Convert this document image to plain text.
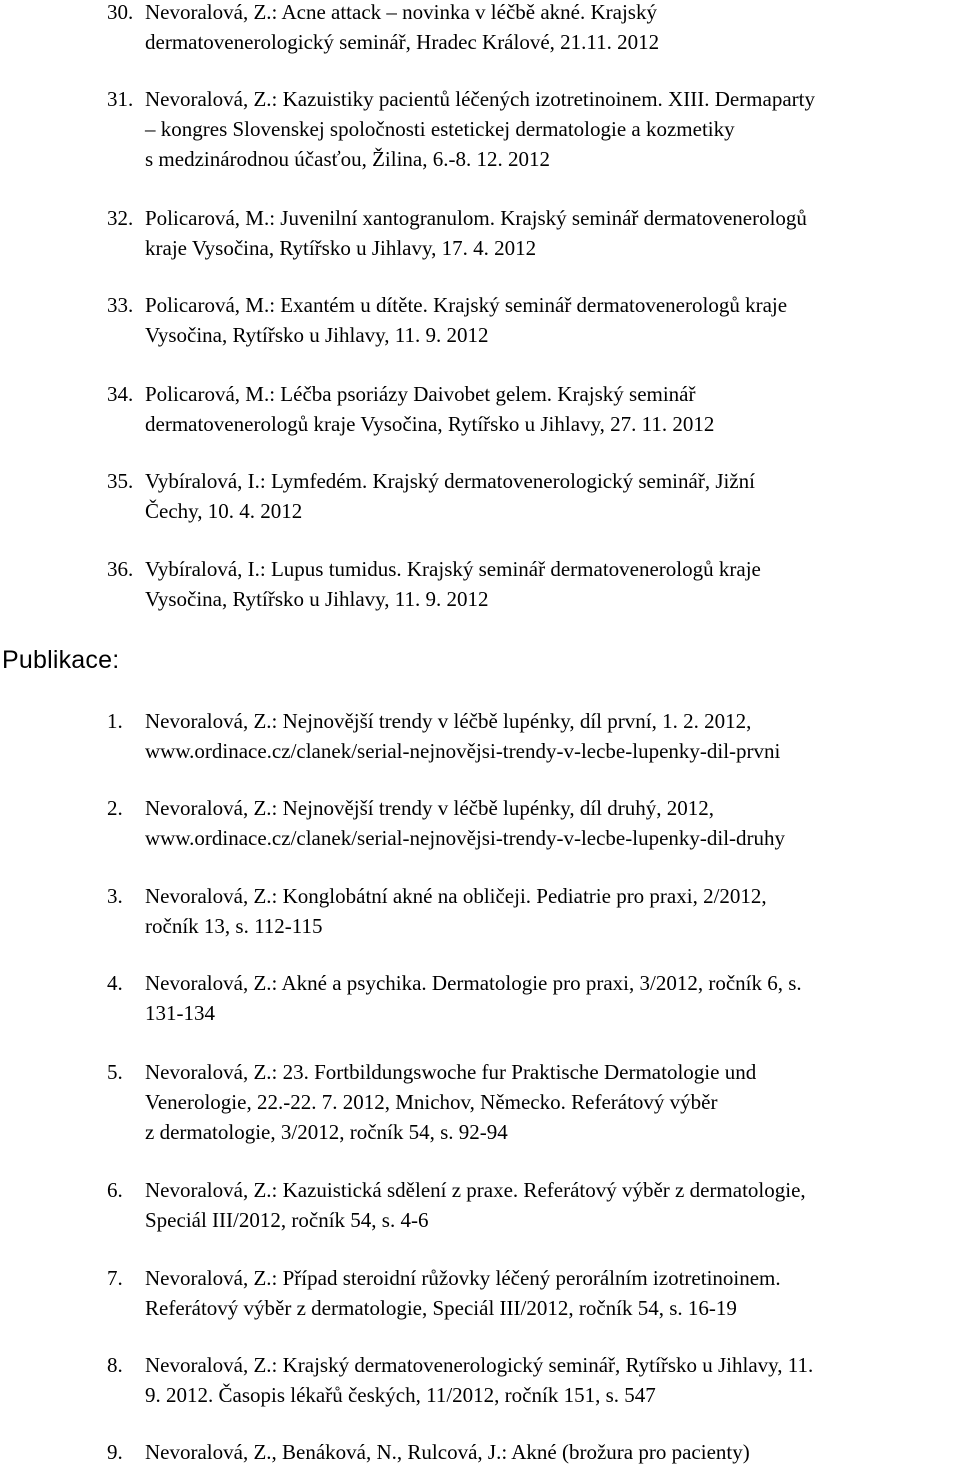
Publikace:
30. Nevoralová, Z.: Acne attack – novinka v léčbě akné. Krajský
dermatovenerologický seminář, Hradec Králové, 21.11. 2012
31. Nevoralová, Z.: Kazuistiky pacientů léčených izotretinoinem. XIII. Dermaparty
– kongres Slovenskej spoločnosti estetickej dermatologie a kozmetiky
s medzinárodnou účasťou, Žilina, 6.-8. 12. 2012
32. Policarová, M.: Juvenilní xantogranulom. Krajský seminář dermatovenerologů
kraje Vysočina, Rytířsko u Jihlavy, 17. 4. 2012
33. Policarová, M.: Exantém u dítěte. Krajský seminář dermatovenerologů kraje
Vysočina, Rytířsko u Jihlavy, 11. 9. 2012
34. Policarová, M.: Léčba psoriázy Daivobet gelem. Krajský seminář
dermatovenerologů kraje Vysočina, Rytířsko u Jihlavy, 27. 11. 2012
35. Vybíralová, I.: Lymfedém. Krajský dermatovenerologický seminář, Jižní
Čechy, 10. 4. 2012
36. Vybíralová, I.: Lupus tumidus. Krajský seminář dermatovenerologů kraje
Vysočina, Rytířsko u Jihlavy, 11. 9. 2012
1. Nevoralová, Z.: Nejnovější trendy v léčbě lupénky, díl první, 1. 2. 2012,
www.ordinace.cz/clanek/serial-nejnovějsi-trendy-v-lecbe-lupenky-dil-prvni
2. Nevoralová, Z.: Nejnovější trendy v léčbě lupénky, díl druhý, 2012,
www.ordinace.cz/clanek/serial-nejnovějsi-trendy-v-lecbe-lupenky-dil-druhy
3. Nevoralová, Z.: Konglobátní akné na obličeji. Pediatrie pro praxi, 2/2012,
ročník 13, s. 112-115
4. Nevoralová, Z.: Akné a psychika. Dermatologie pro praxi, 3/2012, ročník 6, s.
131-134
5. Nevoralová, Z.: 23. Fortbildungswoche fur Praktische Dermatologie und
Venerologie, 22.-22. 7. 2012, Mnichov, Německo. Referátový výběr
z dermatologie, 3/2012, ročník 54, s. 92-94
6. Nevoralová, Z.: Kazuistická sdělení z praxe. Referátový výběr z dermatologie,
Speciál III/2012, ročník 54, s. 4-6
7. Nevoralová, Z.: Případ steroidní růžovky léčený perorálním izotretinoinem.
Referátový výběr z dermatologie, Speciál III/2012, ročník 54, s. 16-19
8. Nevoralová, Z.: Krajský dermatovenerologický seminář, Rytířsko u Jihlavy, 11.
9. 2012. Časopis lékařů českých, 11/2012, ročník 151, s. 547
9. Nevoralová, Z., Benáková, N., Rulcová, J.: Akné (brožura pro pacienty)
